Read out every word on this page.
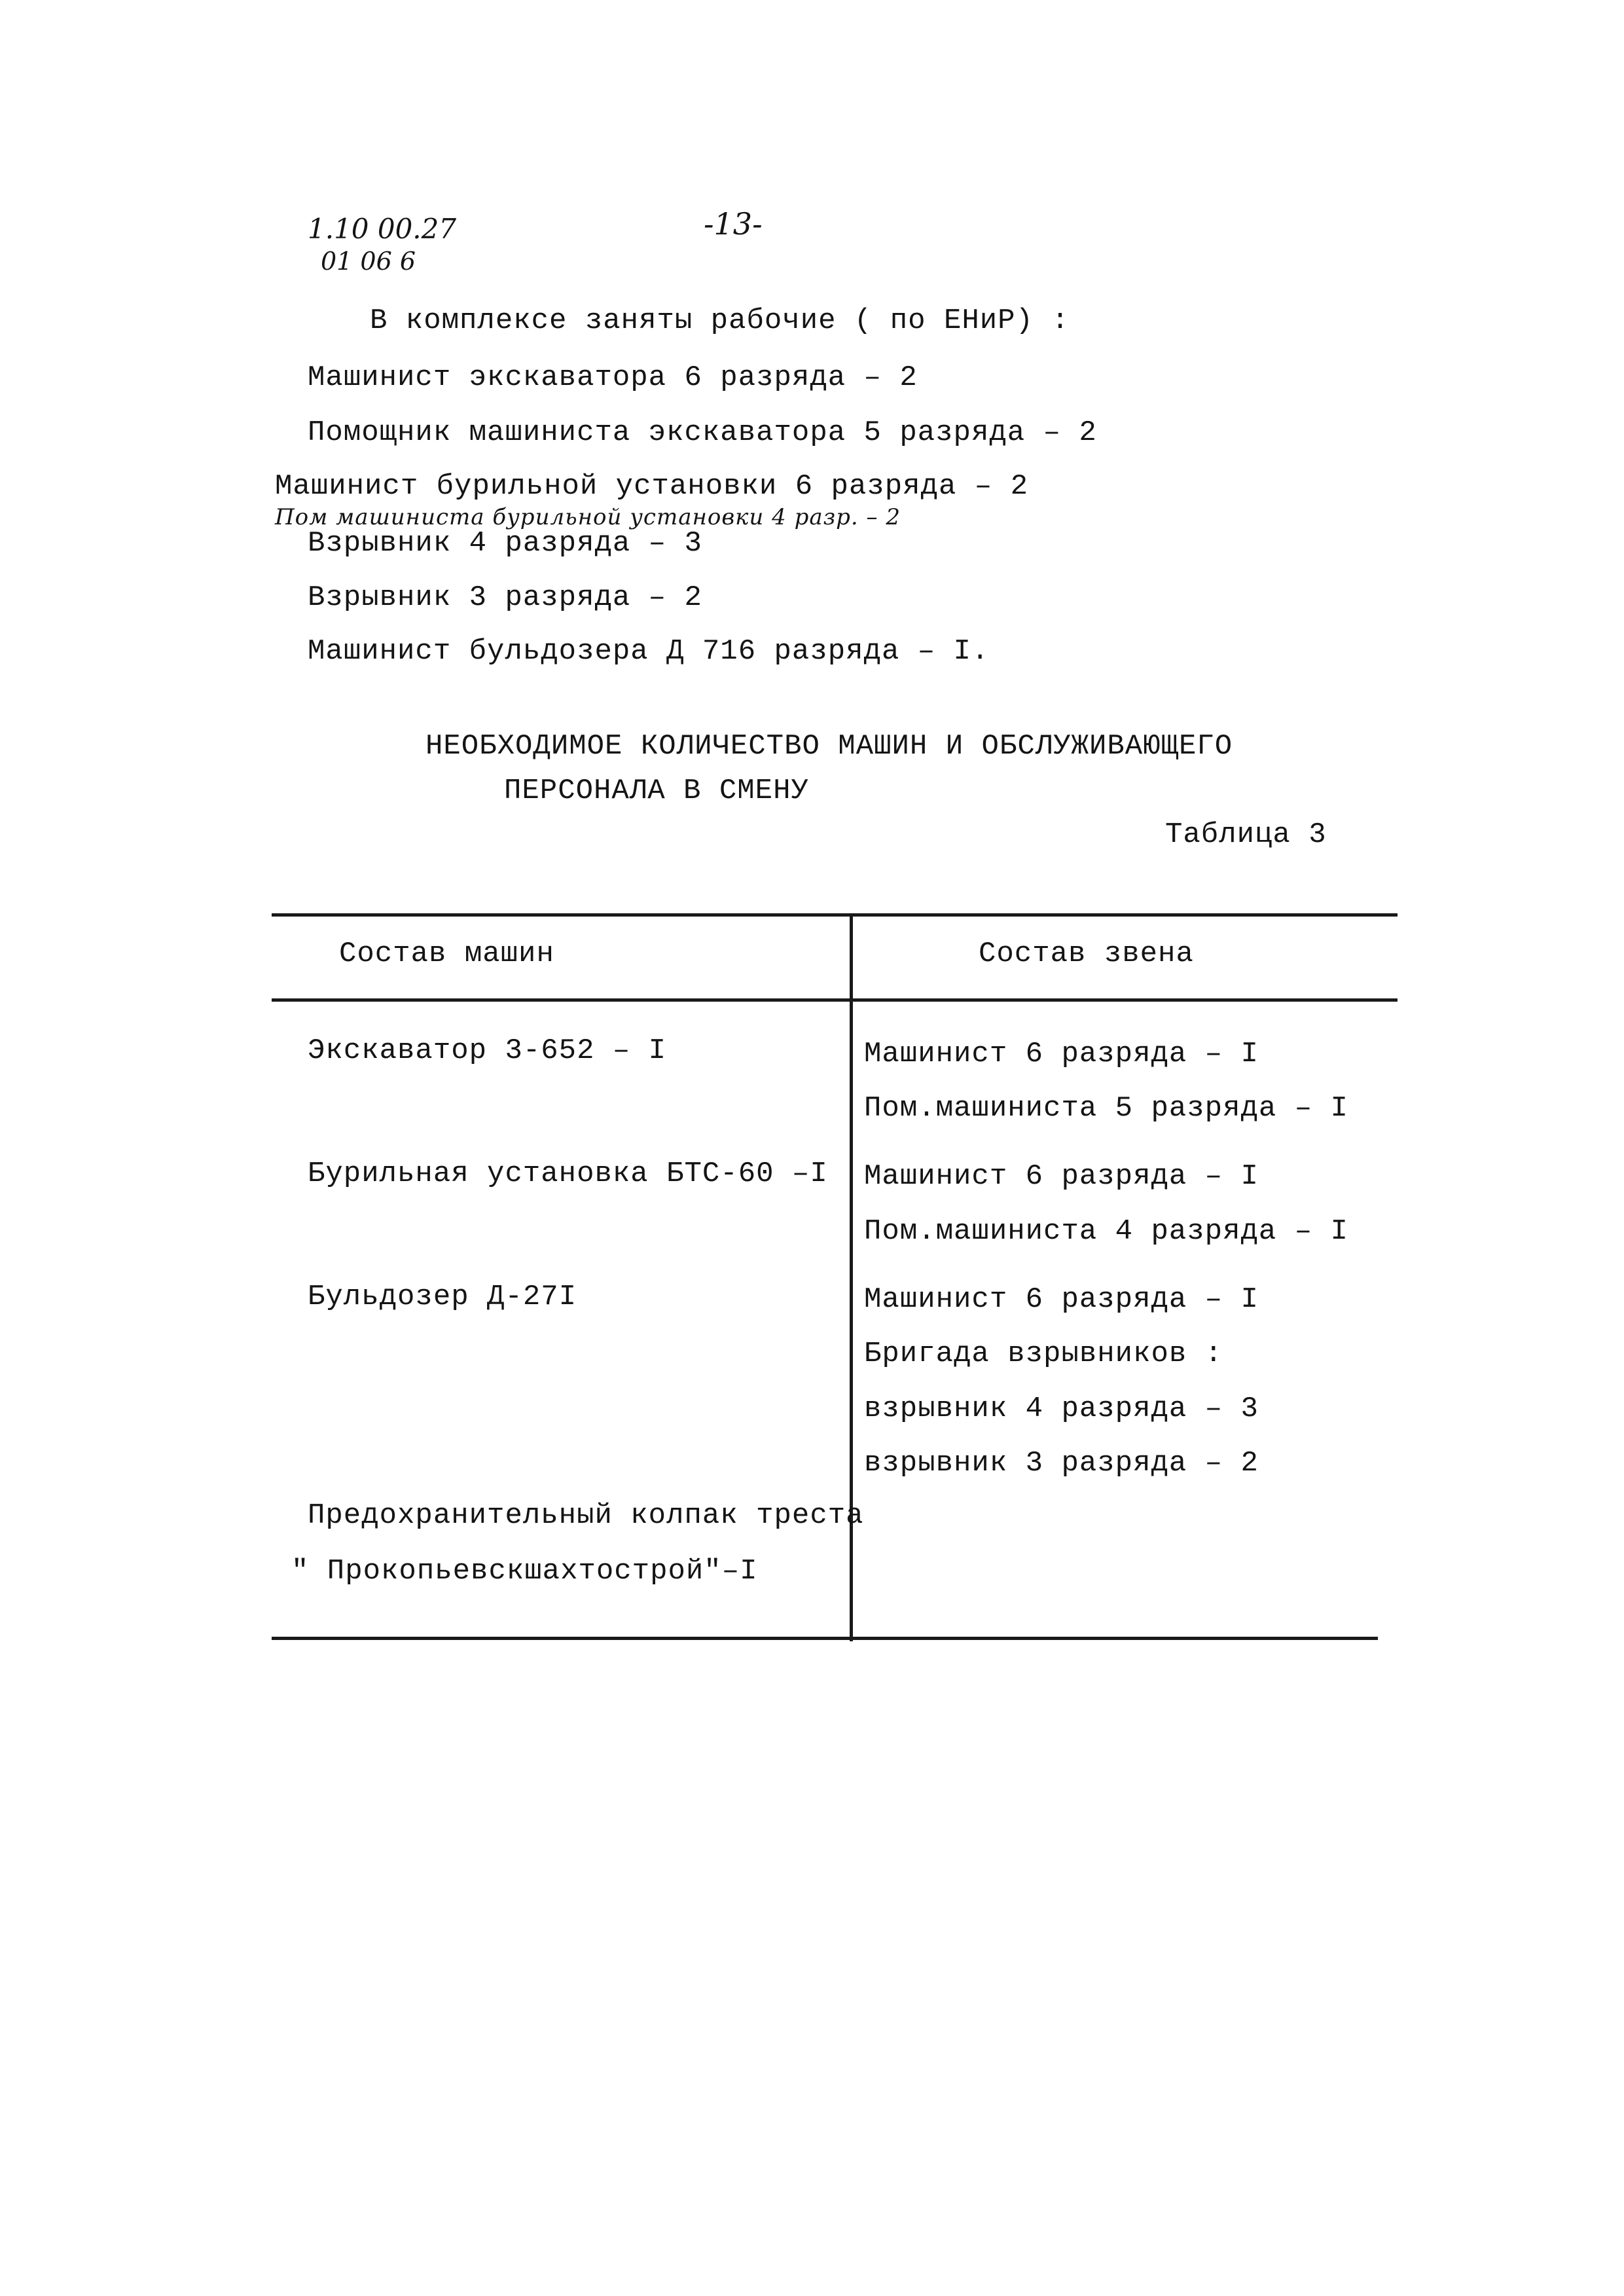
1.10 00.27
01 06 6
-13-
В комплексе заняты рабочие ( по ЕНиР) :
Машинист экскаватора 6 разряда – 2
Помощник машиниста экскаватора 5 разряда – 2
Машинист бурильной установки 6 разряда – 2
Пом машиниста бурильной установки 4 разр. – 2
Взрывник 4 разряда – 3
Взрывник 3 разряда – 2
Машинист бульдозера Д 716 разряда – I.
НЕОБХОДИМОЕ КОЛИЧЕСТВО МАШИН И ОБСЛУЖИВАЮЩЕГО
ПЕРСОНАЛА В СМЕНУ
Таблица 3
Состав машин	Состав звена
Экскаватор 3-652 – I
Бурильная установка БТС-60 –I
Бульдозер Д-27I
Предохранительный колпак треста
" Прокопьевскшахтострой"–I
Машинист 6 разряда – I
Пом.машиниста 5 разряда – I
Машинист 6 разряда – I
Пом.машиниста 4 разряда – I
Машинист 6 разряда – I
Бригада взрывников :
взрывник 4 разряда – 3
взрывник 3 разряда – 2
